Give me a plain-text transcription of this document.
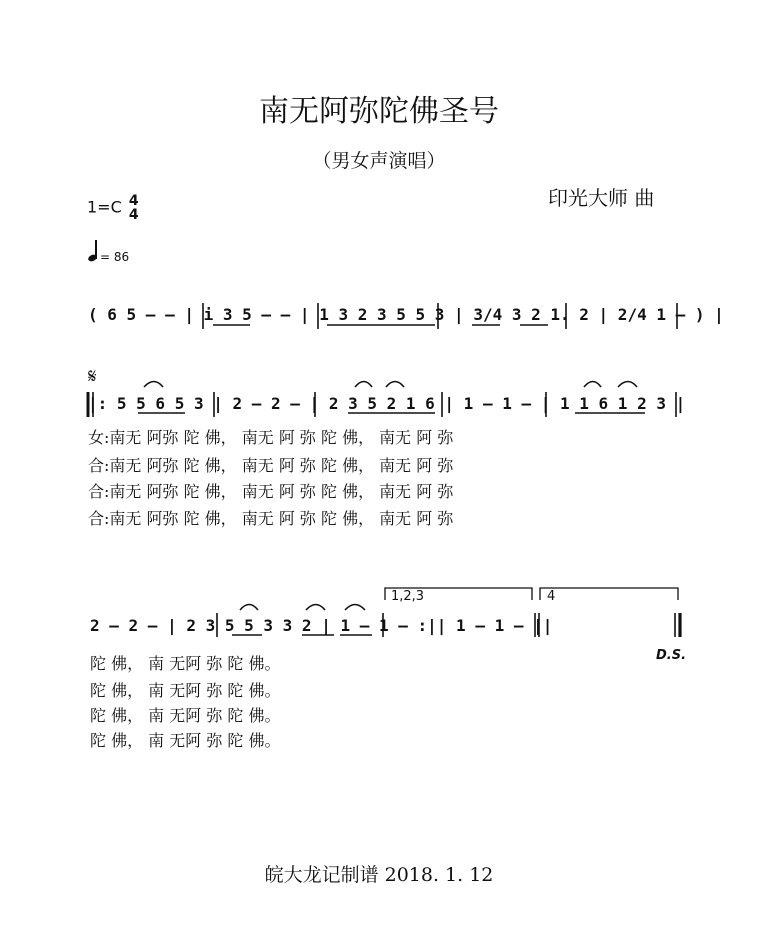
南无阿弥陀佛圣号
（男女声演唱）
印光大师 曲
1=C 4
4
= 86
( 6 5 – – | i 3 5 – – | 1 3 2 3 5 5 3 | 3/4 3 2 1. 2 | 2/4 1 – ) |
𝄋
|: 5 5 6 5 3 | 2 – 2 – | 2 3 5 2 1 6 | 1 – 1 – | 1 1 6 1 2 3 |
女:南无 阿弥 陀 佛， 南无 阿 弥 陀 佛， 南无 阿 弥
合:南无 阿弥 陀 佛， 南无 阿 弥 陀 佛， 南无 阿 弥
合:南无 阿弥 陀 佛， 南无 阿 弥 陀 佛， 南无 阿 弥
合:南无 阿弥 陀 佛， 南无 阿 弥 陀 佛， 南无 阿 弥
1,2,3	4
2 – 2 – | 2 3 5 5 3 3 2 | 1 – 1 – :|| 1 – 1 – ||
D.S.
陀 佛， 南 无阿 弥 陀 佛。
陀 佛， 南 无阿 弥 陀 佛。
陀 佛， 南 无阿 弥 陀 佛。
陀 佛， 南 无阿 弥 陀 佛。
皖大龙记制谱 2018. 1. 12
